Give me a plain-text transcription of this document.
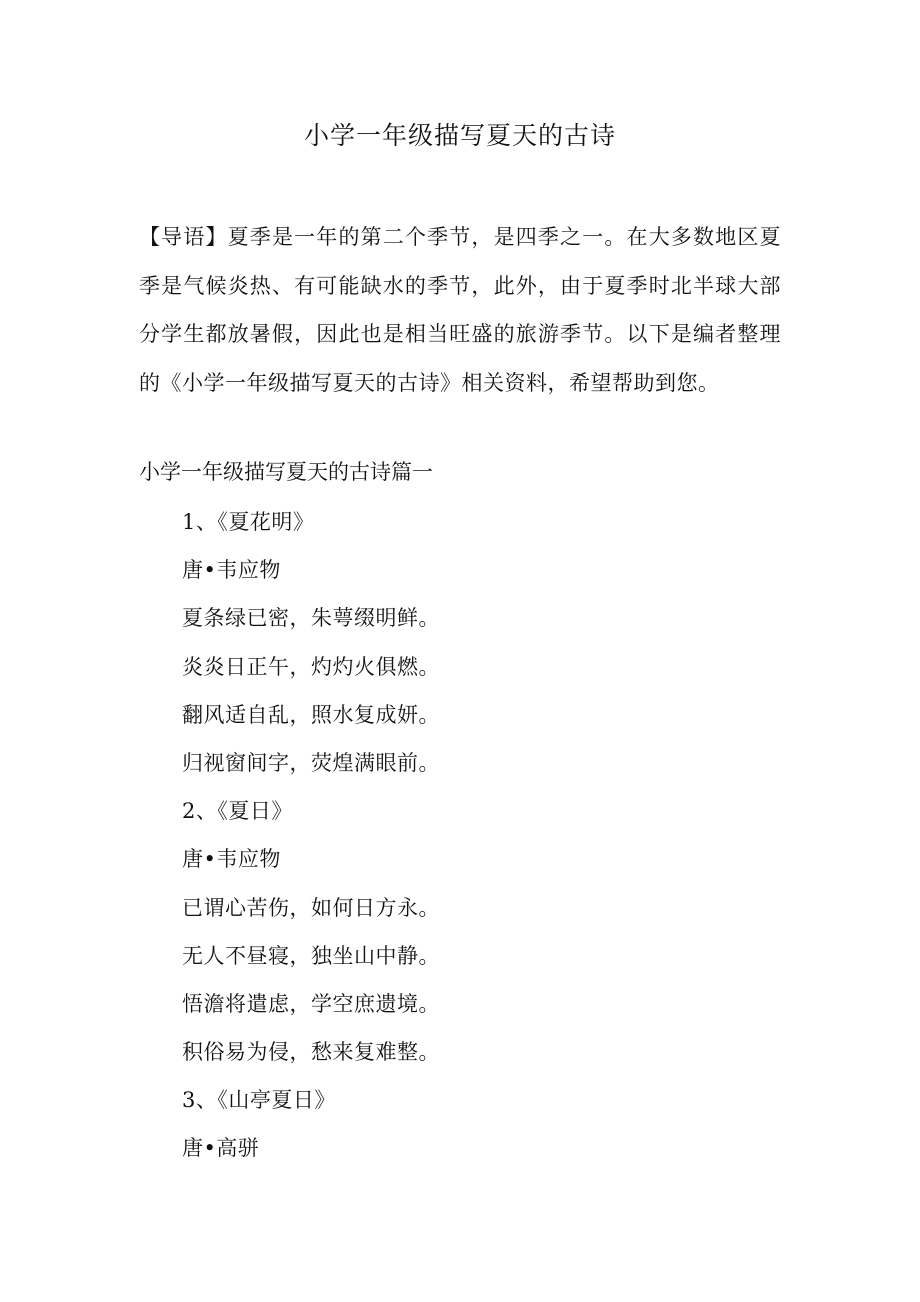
小学一年级描写夏天的古诗

【导语】夏季是一年的第二个季节，是四季之一。在大多数地区夏季是气候炎热、有可能缺水的季节，此外，由于夏季时北半球大部分学生都放暑假，因此也是相当旺盛的旅游季节。以下是编者整理的《小学一年级描写夏天的古诗》相关资料，希望帮助到您。

小学一年级描写夏天的古诗篇一
1、《夏花明》
唐•韦应物
夏条绿已密，朱萼缀明鲜。
炎炎日正午，灼灼火俱燃。
翻风适自乱，照水复成妍。
归视窗间字，荧煌满眼前。
2、《夏日》
唐•韦应物
已谓心苦伤，如何日方永。
无人不昼寝，独坐山中静。
悟澹将遣虑，学空庶遗境。
积俗易为侵，愁来复难整。
3、《山亭夏日》
唐•高骈
